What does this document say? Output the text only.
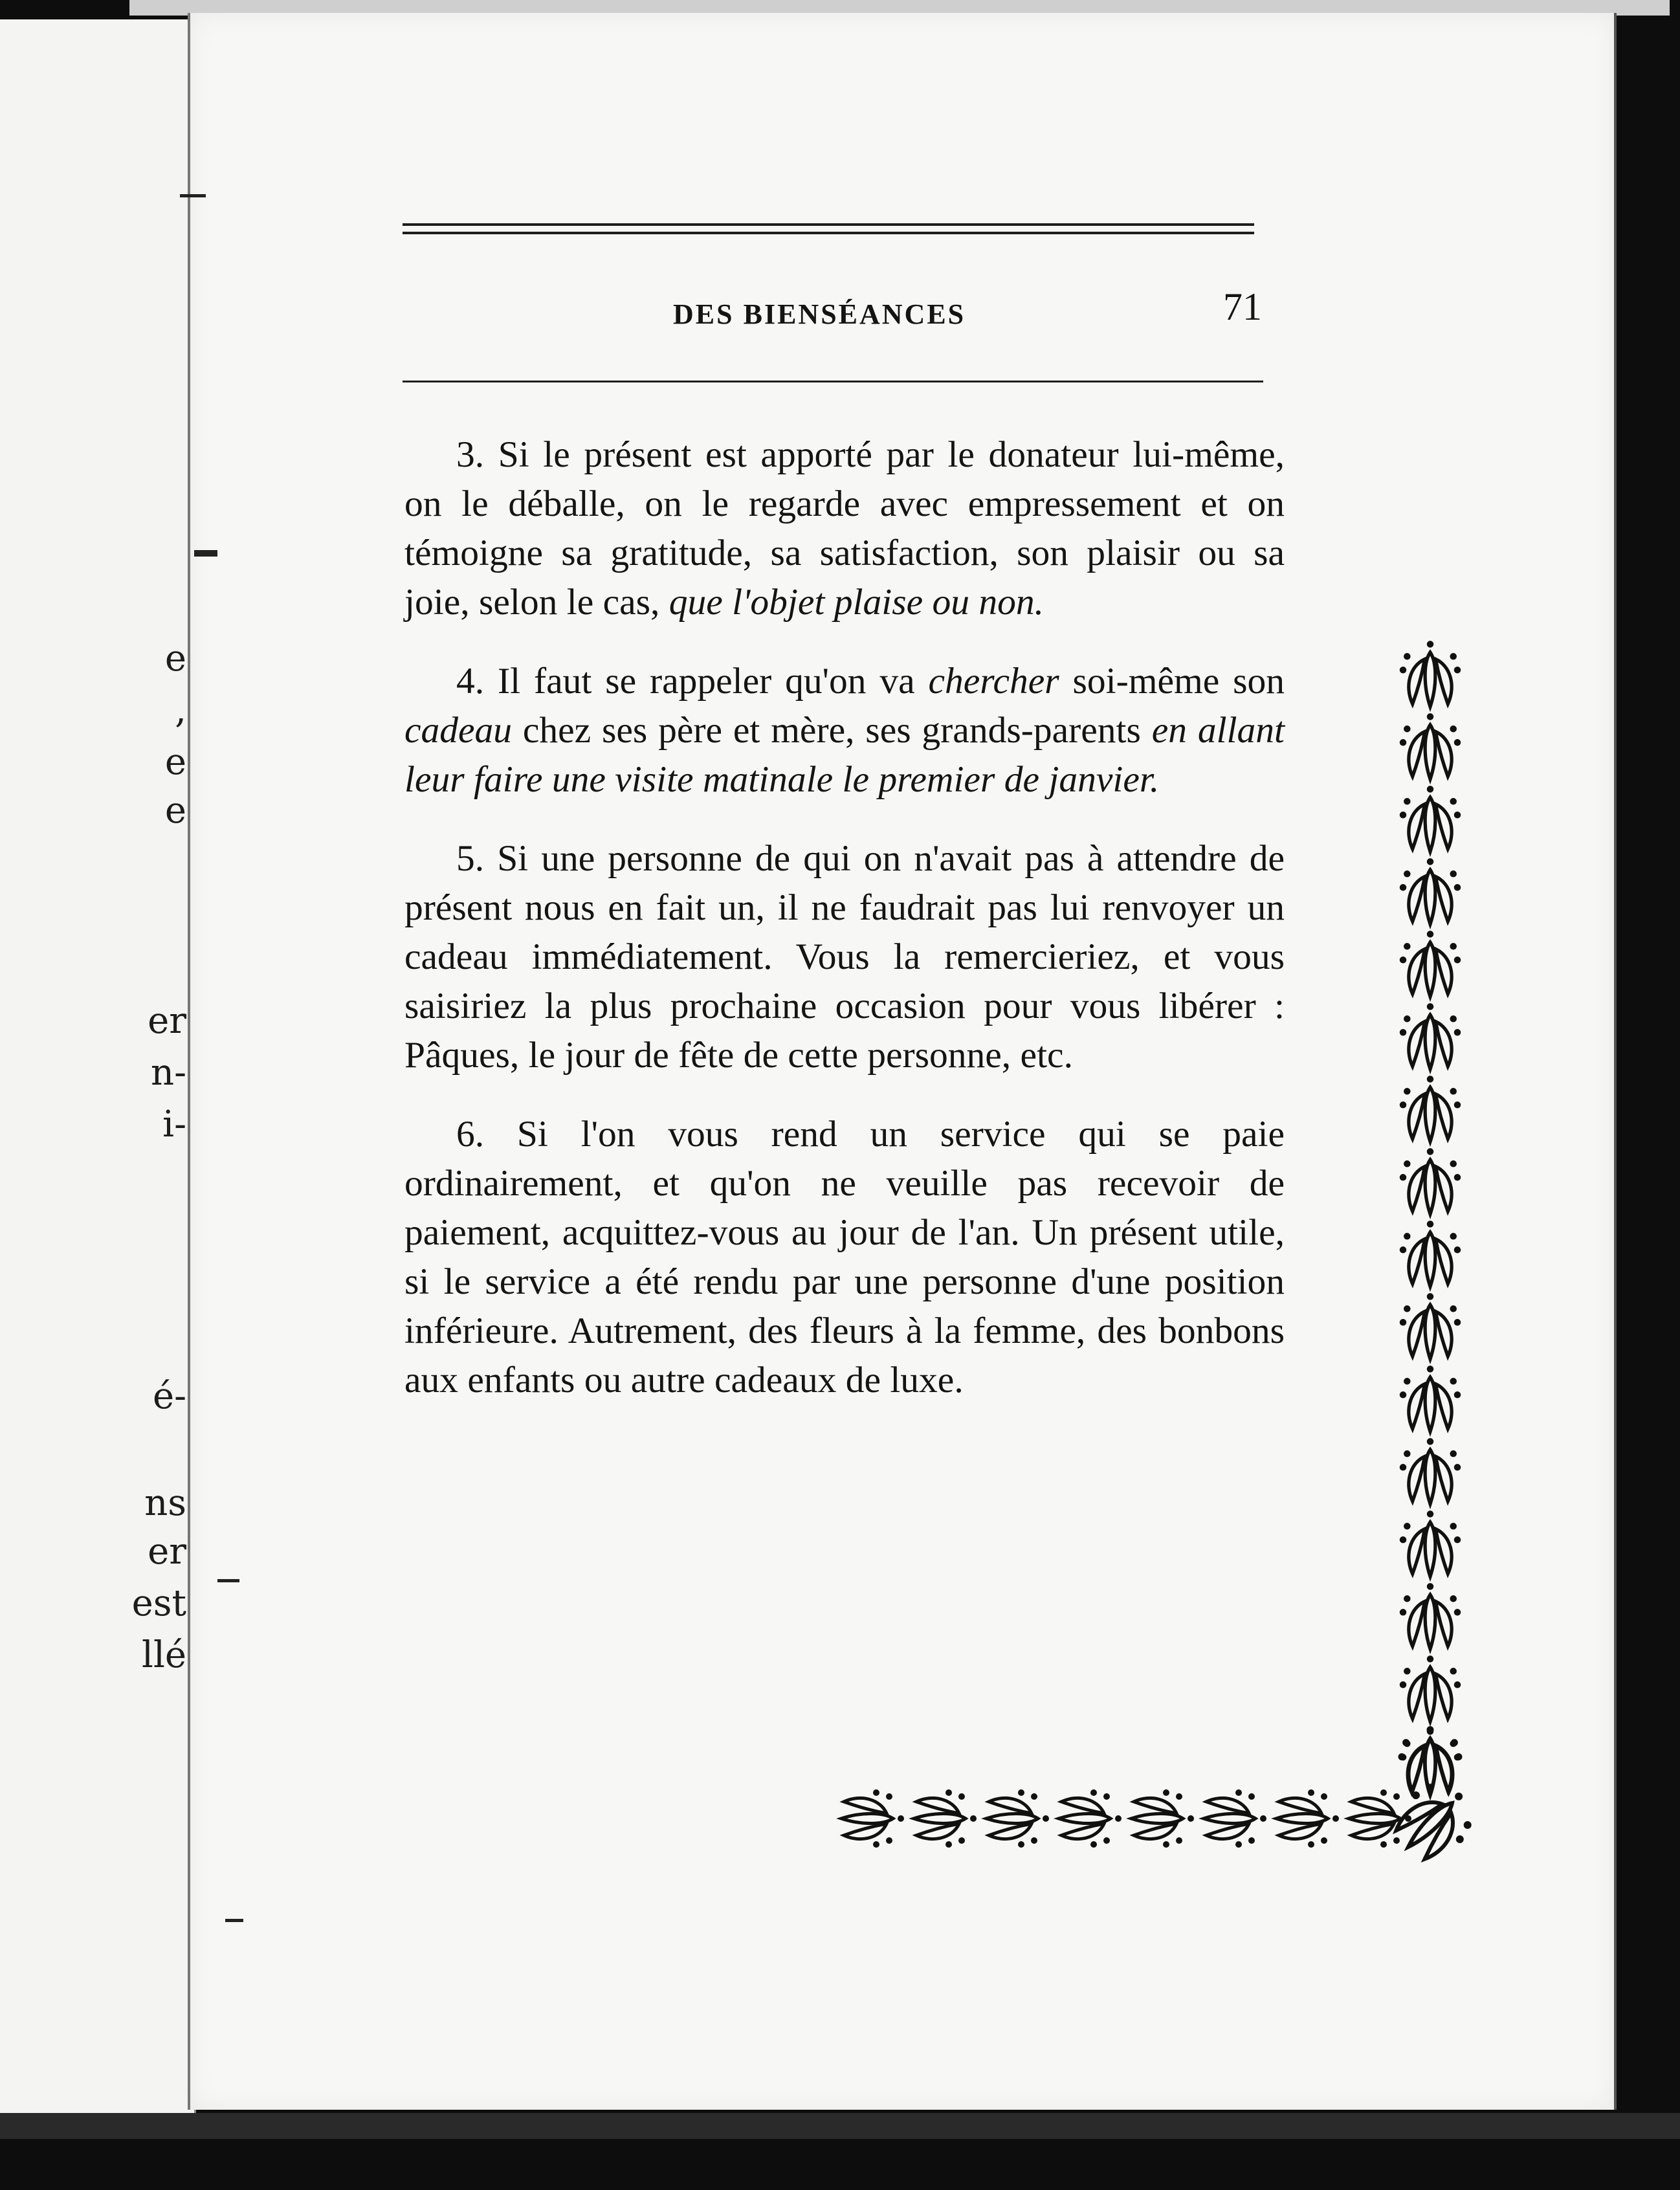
e
,
e
e
er
n-
i-
é-
ns
er
est
llé
DES BIENSÉANCES	71

3. Si le présent est apporté par le donateur lui-même, on le déballe, on le regarde avec empressement et on témoigne sa gratitude, sa satisfaction, son plaisir ou sa joie, selon le cas, que l'objet plaise ou non.

4. Il faut se rappeler qu'on va chercher soi-même son cadeau chez ses père et mère, ses grands-parents en allant leur faire une visite matinale le premier de janvier.

5. Si une personne de qui on n'avait pas à attendre de présent nous en fait un, il ne faudrait pas lui renvoyer un cadeau immédiatement. Vous la remercieriez, et vous saisiriez la plus prochaine occasion pour vous libérer : Pâques, le jour de fête de cette personne, etc.

6. Si l'on vous rend un service qui se paie ordinairement, et qu'on ne veuille pas recevoir de paiement, acquittez-vous au jour de l'an. Un présent utile, si le service a été rendu par une personne d'une position inférieure. Autrement, des fleurs à la femme, des bonbons aux enfants ou autre cadeaux de luxe.
